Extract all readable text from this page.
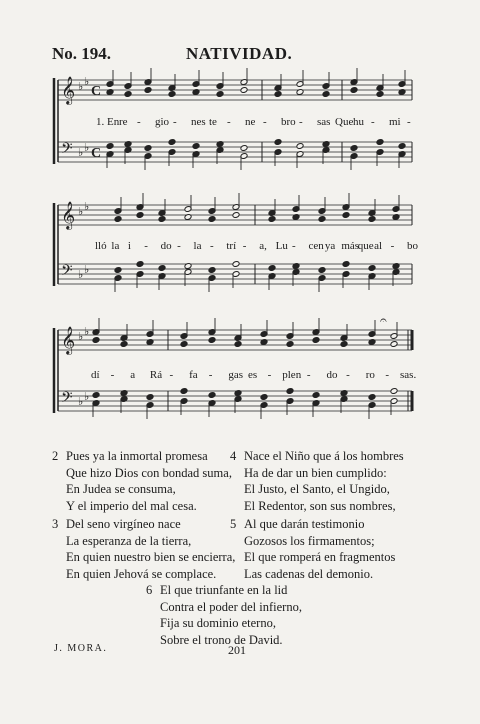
No. 194.	NATIVIDAD.
𝄞 ♭ ♭
C
𝄢 ♭ ♭ C
𝄞 ♭ ♭
𝄢 ♭ ♭
𝄞 ♭ ♭
𝄢 ♭ ♭
𝄐
1. En re - gio - nes te - ne - bro - sas Que hu - mi -
lló la i - do - la - trí - a, Lu - cen ya más
que al - bo
dí - a Rá - fa - gas es - plen - do - ro - sas.
2 Pues ya la inmortal promesa
Que hizo Dios con bondad suma,
En Judea se consuma,
Y el imperio del mal cesa.
4 Nace el Niño que á los hombres
Ha de dar un bien cumplido:
El Justo, el Santo, el Ungido,
El Redentor, son sus nombres,
3 Del seno virgíneo nace
La esperanza de la tierra,
En quien nuestro bien se encierra,
En quien Jehová se complace.
5 Al que darán testimonio
Gozosos los firmamentos;
El que romperá en fragmentos
Las cadenas del demonio.
6 El que triunfante en la lid
Contra el poder del infierno,
Fija su dominio eterno,
Sobre el trono de David.
J. MORA.	201
